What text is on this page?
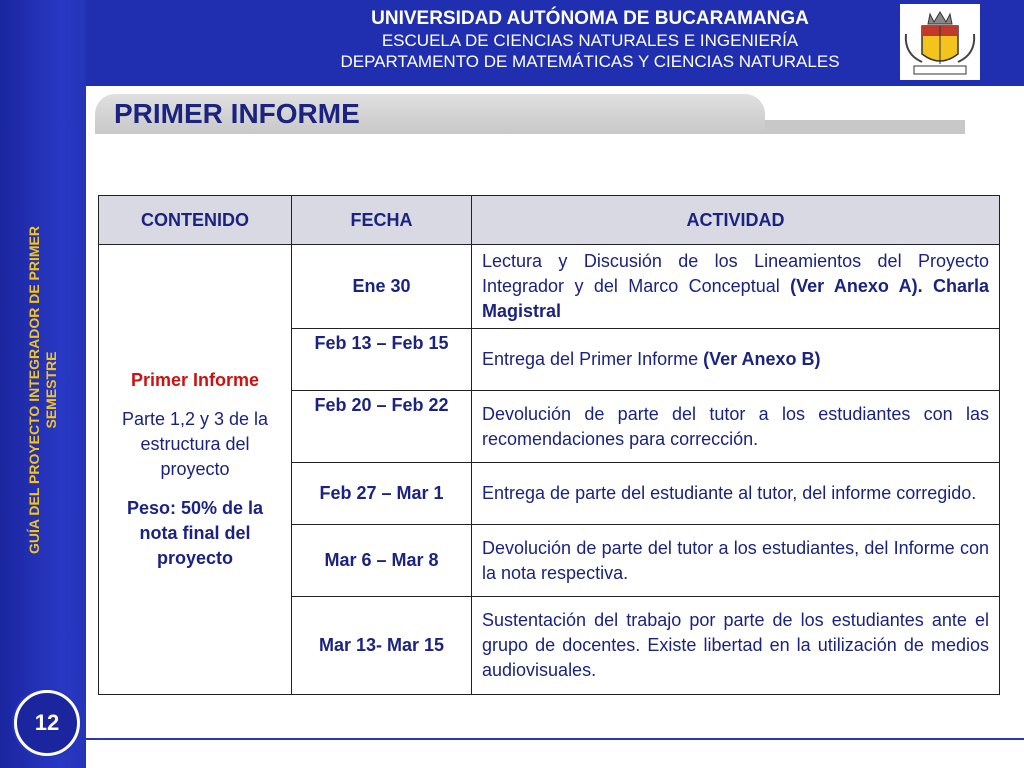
UNIVERSIDAD AUTÓNOMA DE BUCARAMANGA
ESCUELA DE CIENCIAS NATURALES E INGENIERÍA
DEPARTAMENTO DE MATEMÁTICAS Y CIENCIAS NATURALES
PRIMER INFORME
GUÍA DEL PROYECTO INTEGRADOR DE PRIMER SEMESTRE
12
CONTENIDO	FECHA	ACTIVIDAD

Primer Informe
Parte 1,2 y 3 de la estructura del proyecto
Peso: 50% de la nota final del proyecto	Ene 30	Lectura y Discusión de los Lineamientos del Proyecto Integrador y del Marco Conceptual (Ver Anexo A). Charla Magistral
	Feb 13 – Feb 15	Entrega del Primer Informe (Ver Anexo B)
	Feb 20 – Feb 22	Devolución de parte del tutor a los estudiantes con las recomendaciones para corrección.
	Feb 27 – Mar 1	Entrega de parte del estudiante al tutor, del informe corregido.
	Mar 6 – Mar 8	Devolución de parte del tutor a los estudiantes, del Informe con la nota respectiva.
	Mar 13- Mar 15	Sustentación del trabajo por parte de los estudiantes ante el grupo de docentes. Existe libertad en la utilización de medios audiovisuales.
